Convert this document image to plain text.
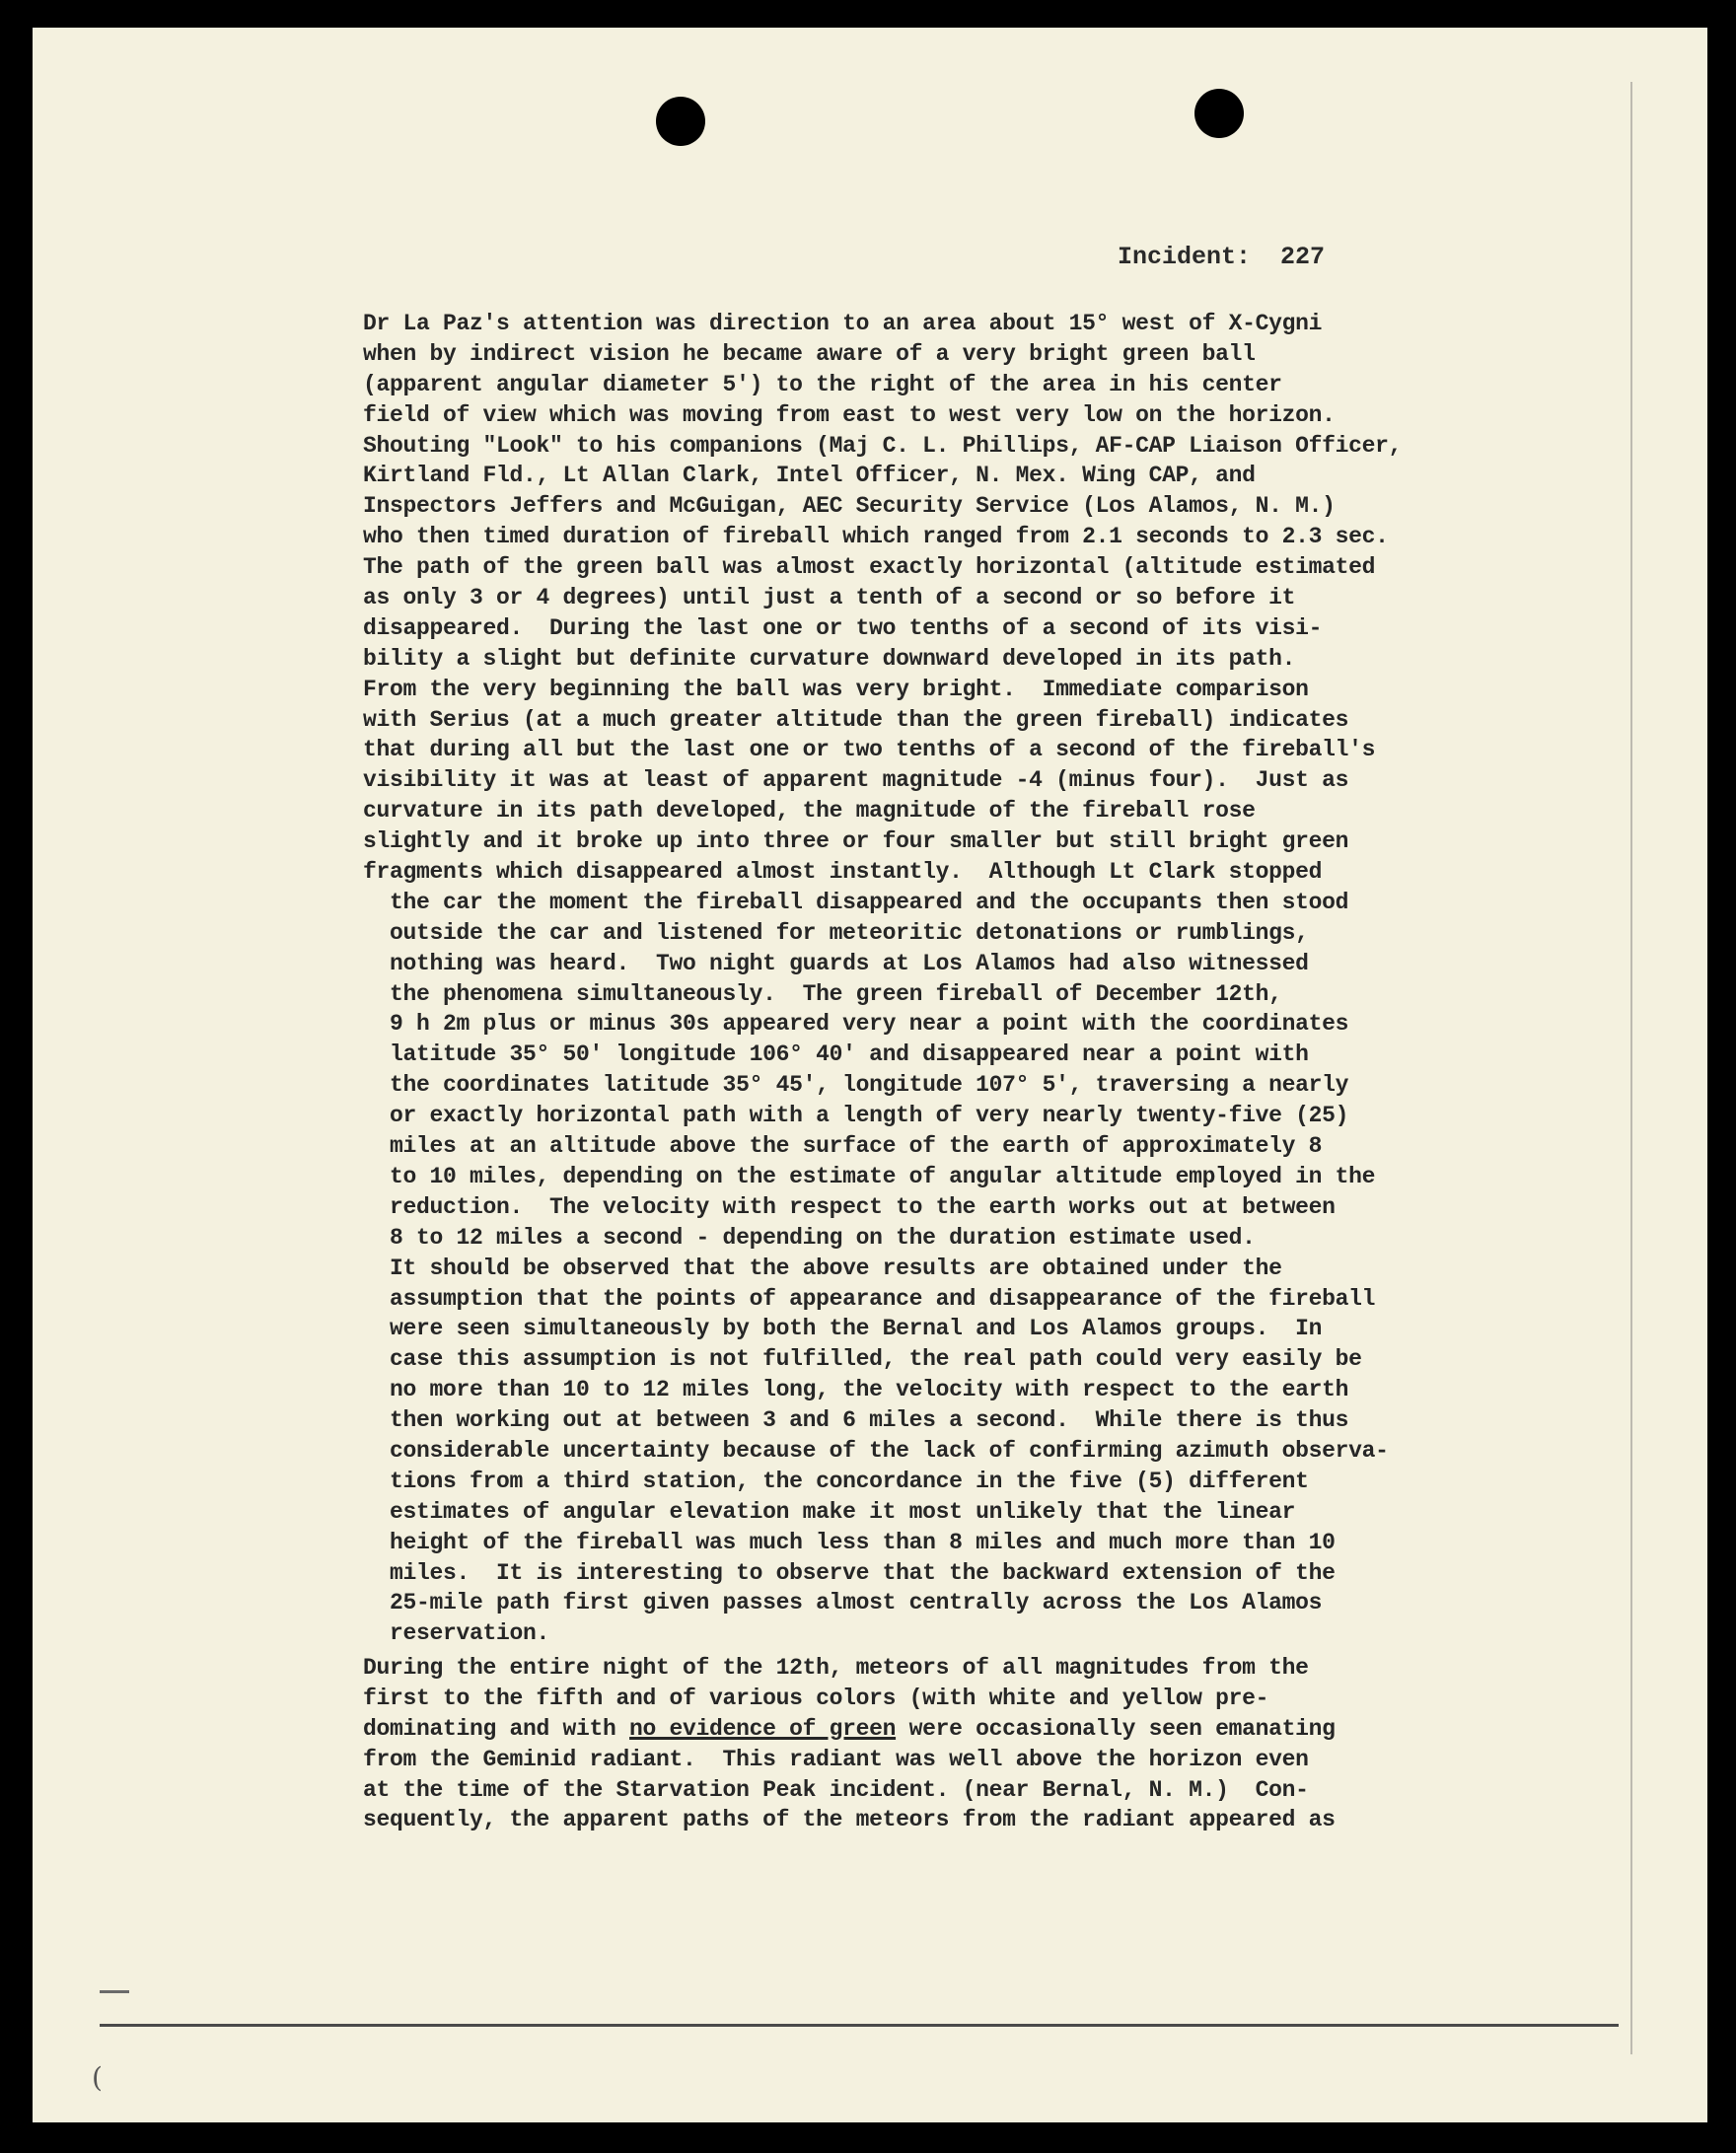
Incident:  227
Dr La Paz's attention was direction to an area about 15° west of X-Cygni
when by indirect vision he became aware of a very bright green ball
(apparent angular diameter 5') to the right of the area in his center
field of view which was moving from east to west very low on the horizon.
Shouting "Look" to his companions (Maj C. L. Phillips, AF-CAP Liaison Officer,
Kirtland Fld., Lt Allan Clark, Intel Officer, N. Mex. Wing CAP, and
Inspectors Jeffers and McGuigan, AEC Security Service (Los Alamos, N. M.)
who then timed duration of fireball which ranged from 2.1 seconds to 2.3 sec.
The path of the green ball was almost exactly horizontal (altitude estimated
as only 3 or 4 degrees) until just a tenth of a second or so before it
disappeared.  During the last one or two tenths of a second of its visi-
bility a slight but definite curvature downward developed in its path.
From the very beginning the ball was very bright.  Immediate comparison
with Serius (at a much greater altitude than the green fireball) indicates
that during all but the last one or two tenths of a second of the fireball's
visibility it was at least of apparent magnitude -4 (minus four).  Just as
curvature in its path developed, the magnitude of the fireball rose
slightly and it broke up into three or four smaller but still bright green
fragments which disappeared almost instantly.  Although Lt Clark stopped
the car the moment the fireball disappeared and the occupants then stood
outside the car and listened for meteoritic detonations or rumblings,
nothing was heard.  Two night guards at Los Alamos had also witnessed
the phenomena simultaneously.  The green fireball of December 12th,
9 h 2m plus or minus 30s appeared very near a point with the coordinates
latitude 35° 50' longitude 106° 40' and disappeared near a point with
the coordinates latitude 35° 45', longitude 107° 5', traversing a nearly
or exactly horizontal path with a length of very nearly twenty-five (25)
miles at an altitude above the surface of the earth of approximately 8
to 10 miles, depending on the estimate of angular altitude employed in the
reduction.  The velocity with respect to the earth works out at between
8 to 12 miles a second - depending on the duration estimate used.
It should be observed that the above results are obtained under the
assumption that the points of appearance and disappearance of the fireball
were seen simultaneously by both the Bernal and Los Alamos groups.  In
case this assumption is not fulfilled, the real path could very easily be
no more than 10 to 12 miles long, the velocity with respect to the earth
then working out at between 3 and 6 miles a second.  While there is thus
considerable uncertainty because of the lack of confirming azimuth observa-
tions from a third station, the concordance in the five (5) different
estimates of angular elevation make it most unlikely that the linear
height of the fireball was much less than 8 miles and much more than 10
miles.  It is interesting to observe that the backward extension of the
25-mile path first given passes almost centrally across the Los Alamos
reservation.
During the entire night of the 12th, meteors of all magnitudes from the
first to the fifth and of various colors (with white and yellow pre-
dominating and with no evidence of green were occasionally seen emanating
from the Geminid radiant.  This radiant was well above the horizon even
at the time of the Starvation Peak incident. (near Bernal, N. M.)  Con-
sequently, the apparent paths of the meteors from the radiant appeared as
(
